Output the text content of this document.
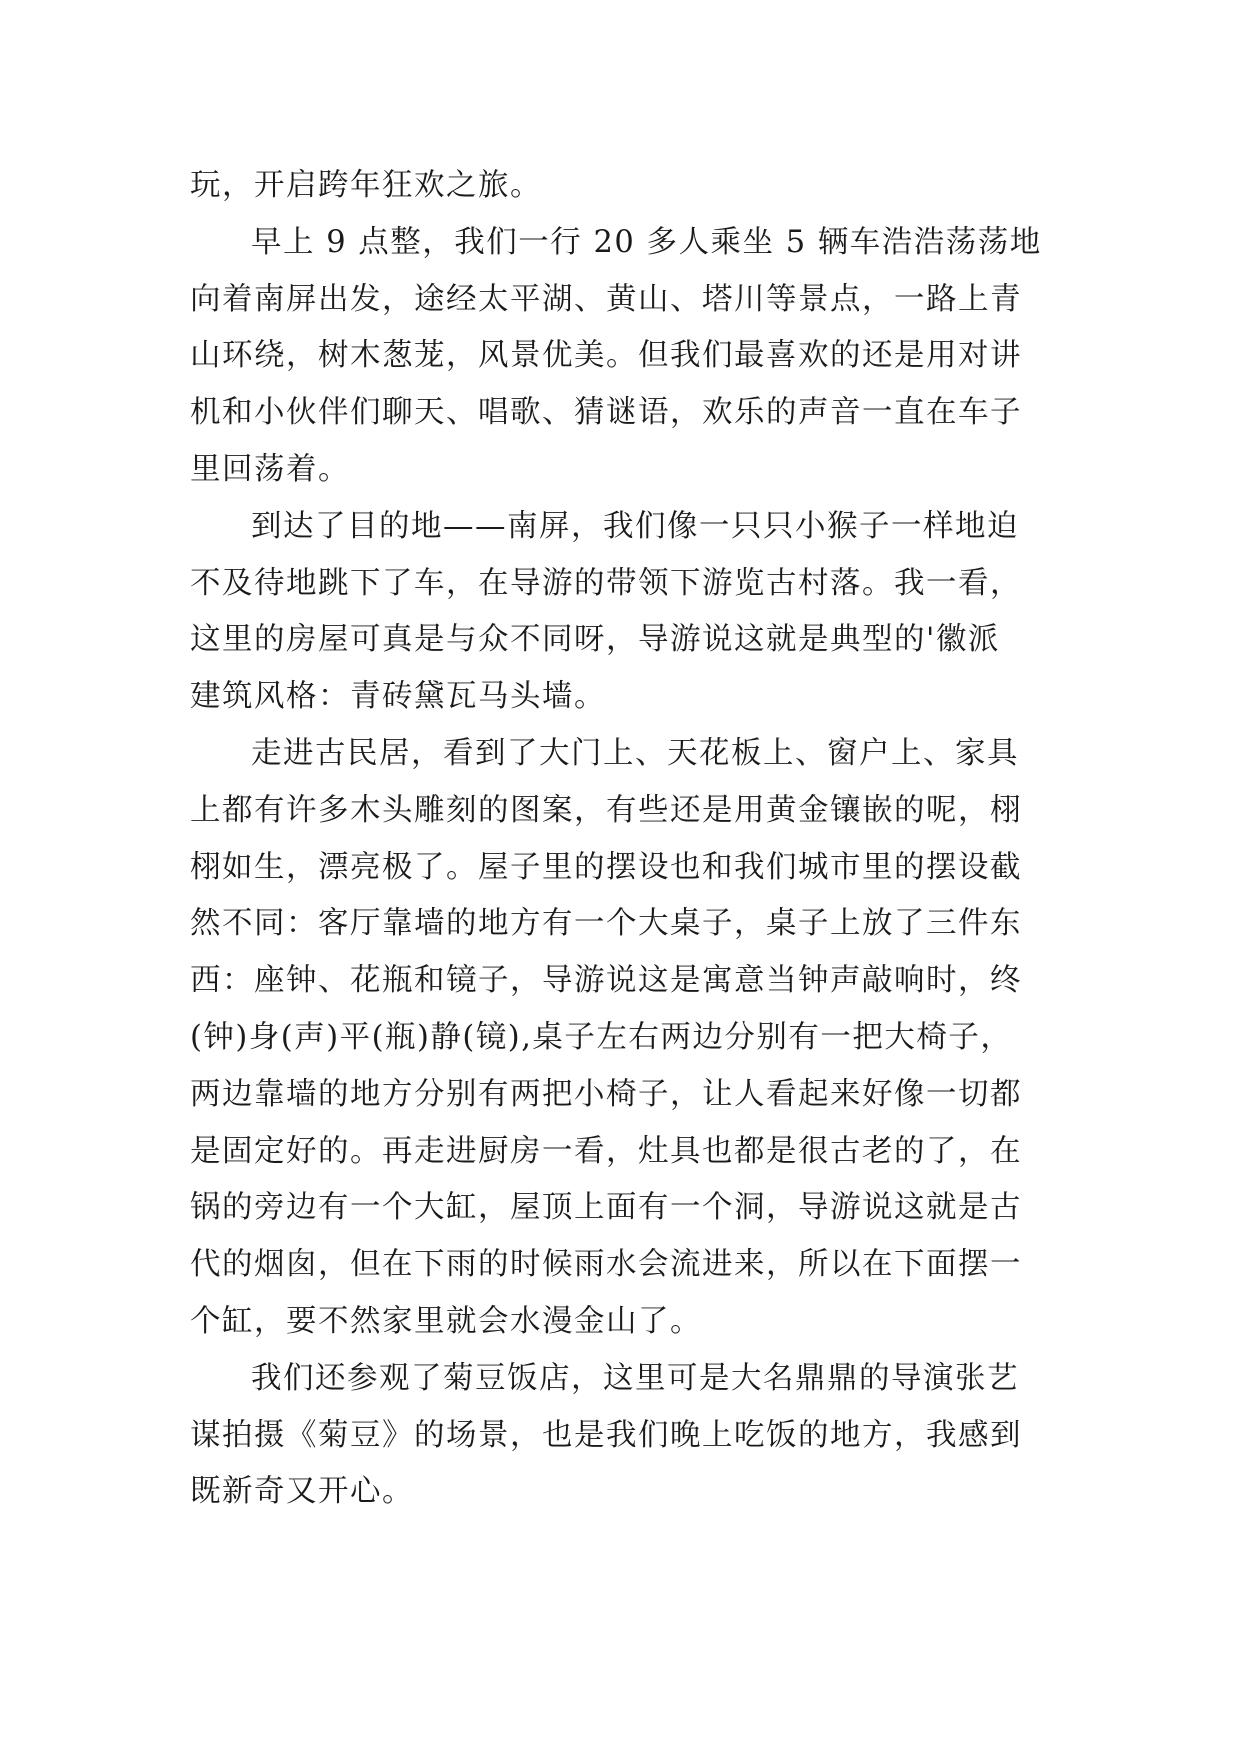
玩，开启跨年狂欢之旅。
早上 9 点整，我们一行 20 多人乘坐 5 辆车浩浩荡荡地
向着南屏出发，途经太平湖、黄山、塔川等景点，一路上青
山环绕，树木葱茏，风景优美。但我们最喜欢的还是用对讲
机和小伙伴们聊天、唱歌、猜谜语，欢乐的声音一直在车子
里回荡着。
到达了目的地——南屏，我们像一只只小猴子一样地迫
不及待地跳下了车，在导游的带领下游览古村落。我一看，
这里的房屋可真是与众不同呀，导游说这就是典型的'徽派
建筑风格：青砖黛瓦马头墙。
走进古民居，看到了大门上、天花板上、窗户上、家具
上都有许多木头雕刻的图案，有些还是用黄金镶嵌的呢，栩
栩如生，漂亮极了。屋子里的摆设也和我们城市里的摆设截
然不同：客厅靠墙的地方有一个大桌子，桌子上放了三件东
西：座钟、花瓶和镜子，导游说这是寓意当钟声敲响时，终
(钟)身(声)平(瓶)静(镜),桌子左右两边分别有一把大椅子，
两边靠墙的地方分别有两把小椅子，让人看起来好像一切都
是固定好的。再走进厨房一看，灶具也都是很古老的了，在
锅的旁边有一个大缸，屋顶上面有一个洞，导游说这就是古
代的烟囱，但在下雨的时候雨水会流进来，所以在下面摆一
个缸，要不然家里就会水漫金山了。
我们还参观了菊豆饭店，这里可是大名鼎鼎的导演张艺
谋拍摄《菊豆》的场景，也是我们晚上吃饭的地方，我感到
既新奇又开心。
